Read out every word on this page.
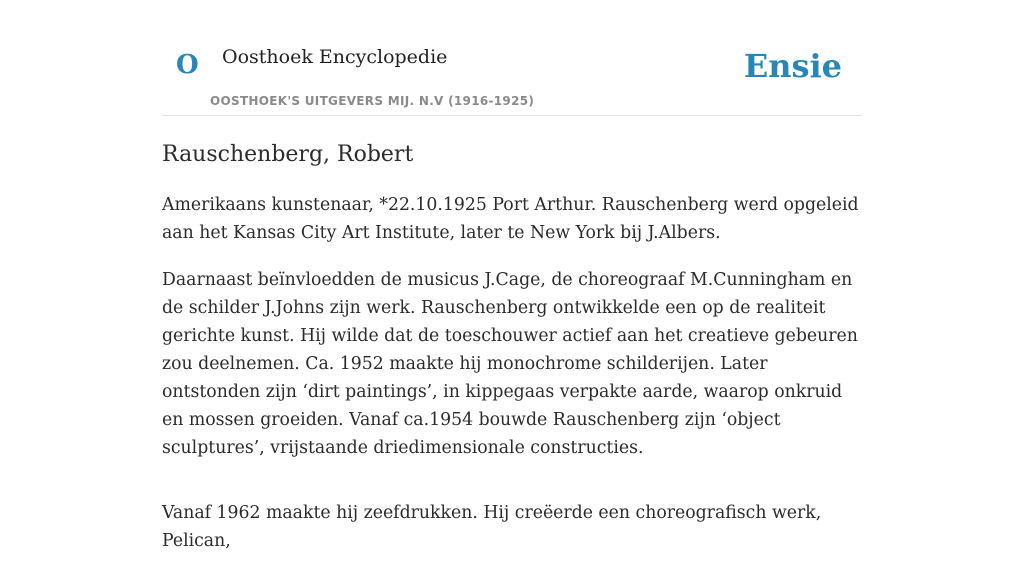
O Oosthoek Encyclopedie
OOSTHOEK'S UITGEVERS MIJ. N.V (1916-1925)
Ensie
Rauschenberg, Robert

Amerikaans kunstenaar, *22.10.1925 Port Arthur. Rauschenberg werd opgeleid aan het Kansas City Art Institute, later te New York bij J.Albers.

Daarnaast beïnvloedden de musicus J.Cage, de choreograaf M.Cunningham en de schilder J.Johns zijn werk. Rauschenberg ontwikkelde een op de realiteit gerichte kunst. Hij wilde dat de toeschouwer actief aan het creatieve gebeuren zou deelnemen. Ca. 1952 maakte hij monochrome schilderijen. Later ontstonden zijn ‘dirt paintings’, in kippegaas verpakte aarde, waarop onkruid en mossen groeiden. Vanaf ca.1954 bouwde Rauschenberg zijn ‘object sculptures’, vrijstaande driedimensionale constructies.

Vanaf 1962 maakte hij zeefdrukken. Hij creëerde een choreografisch werk, Pelican,
